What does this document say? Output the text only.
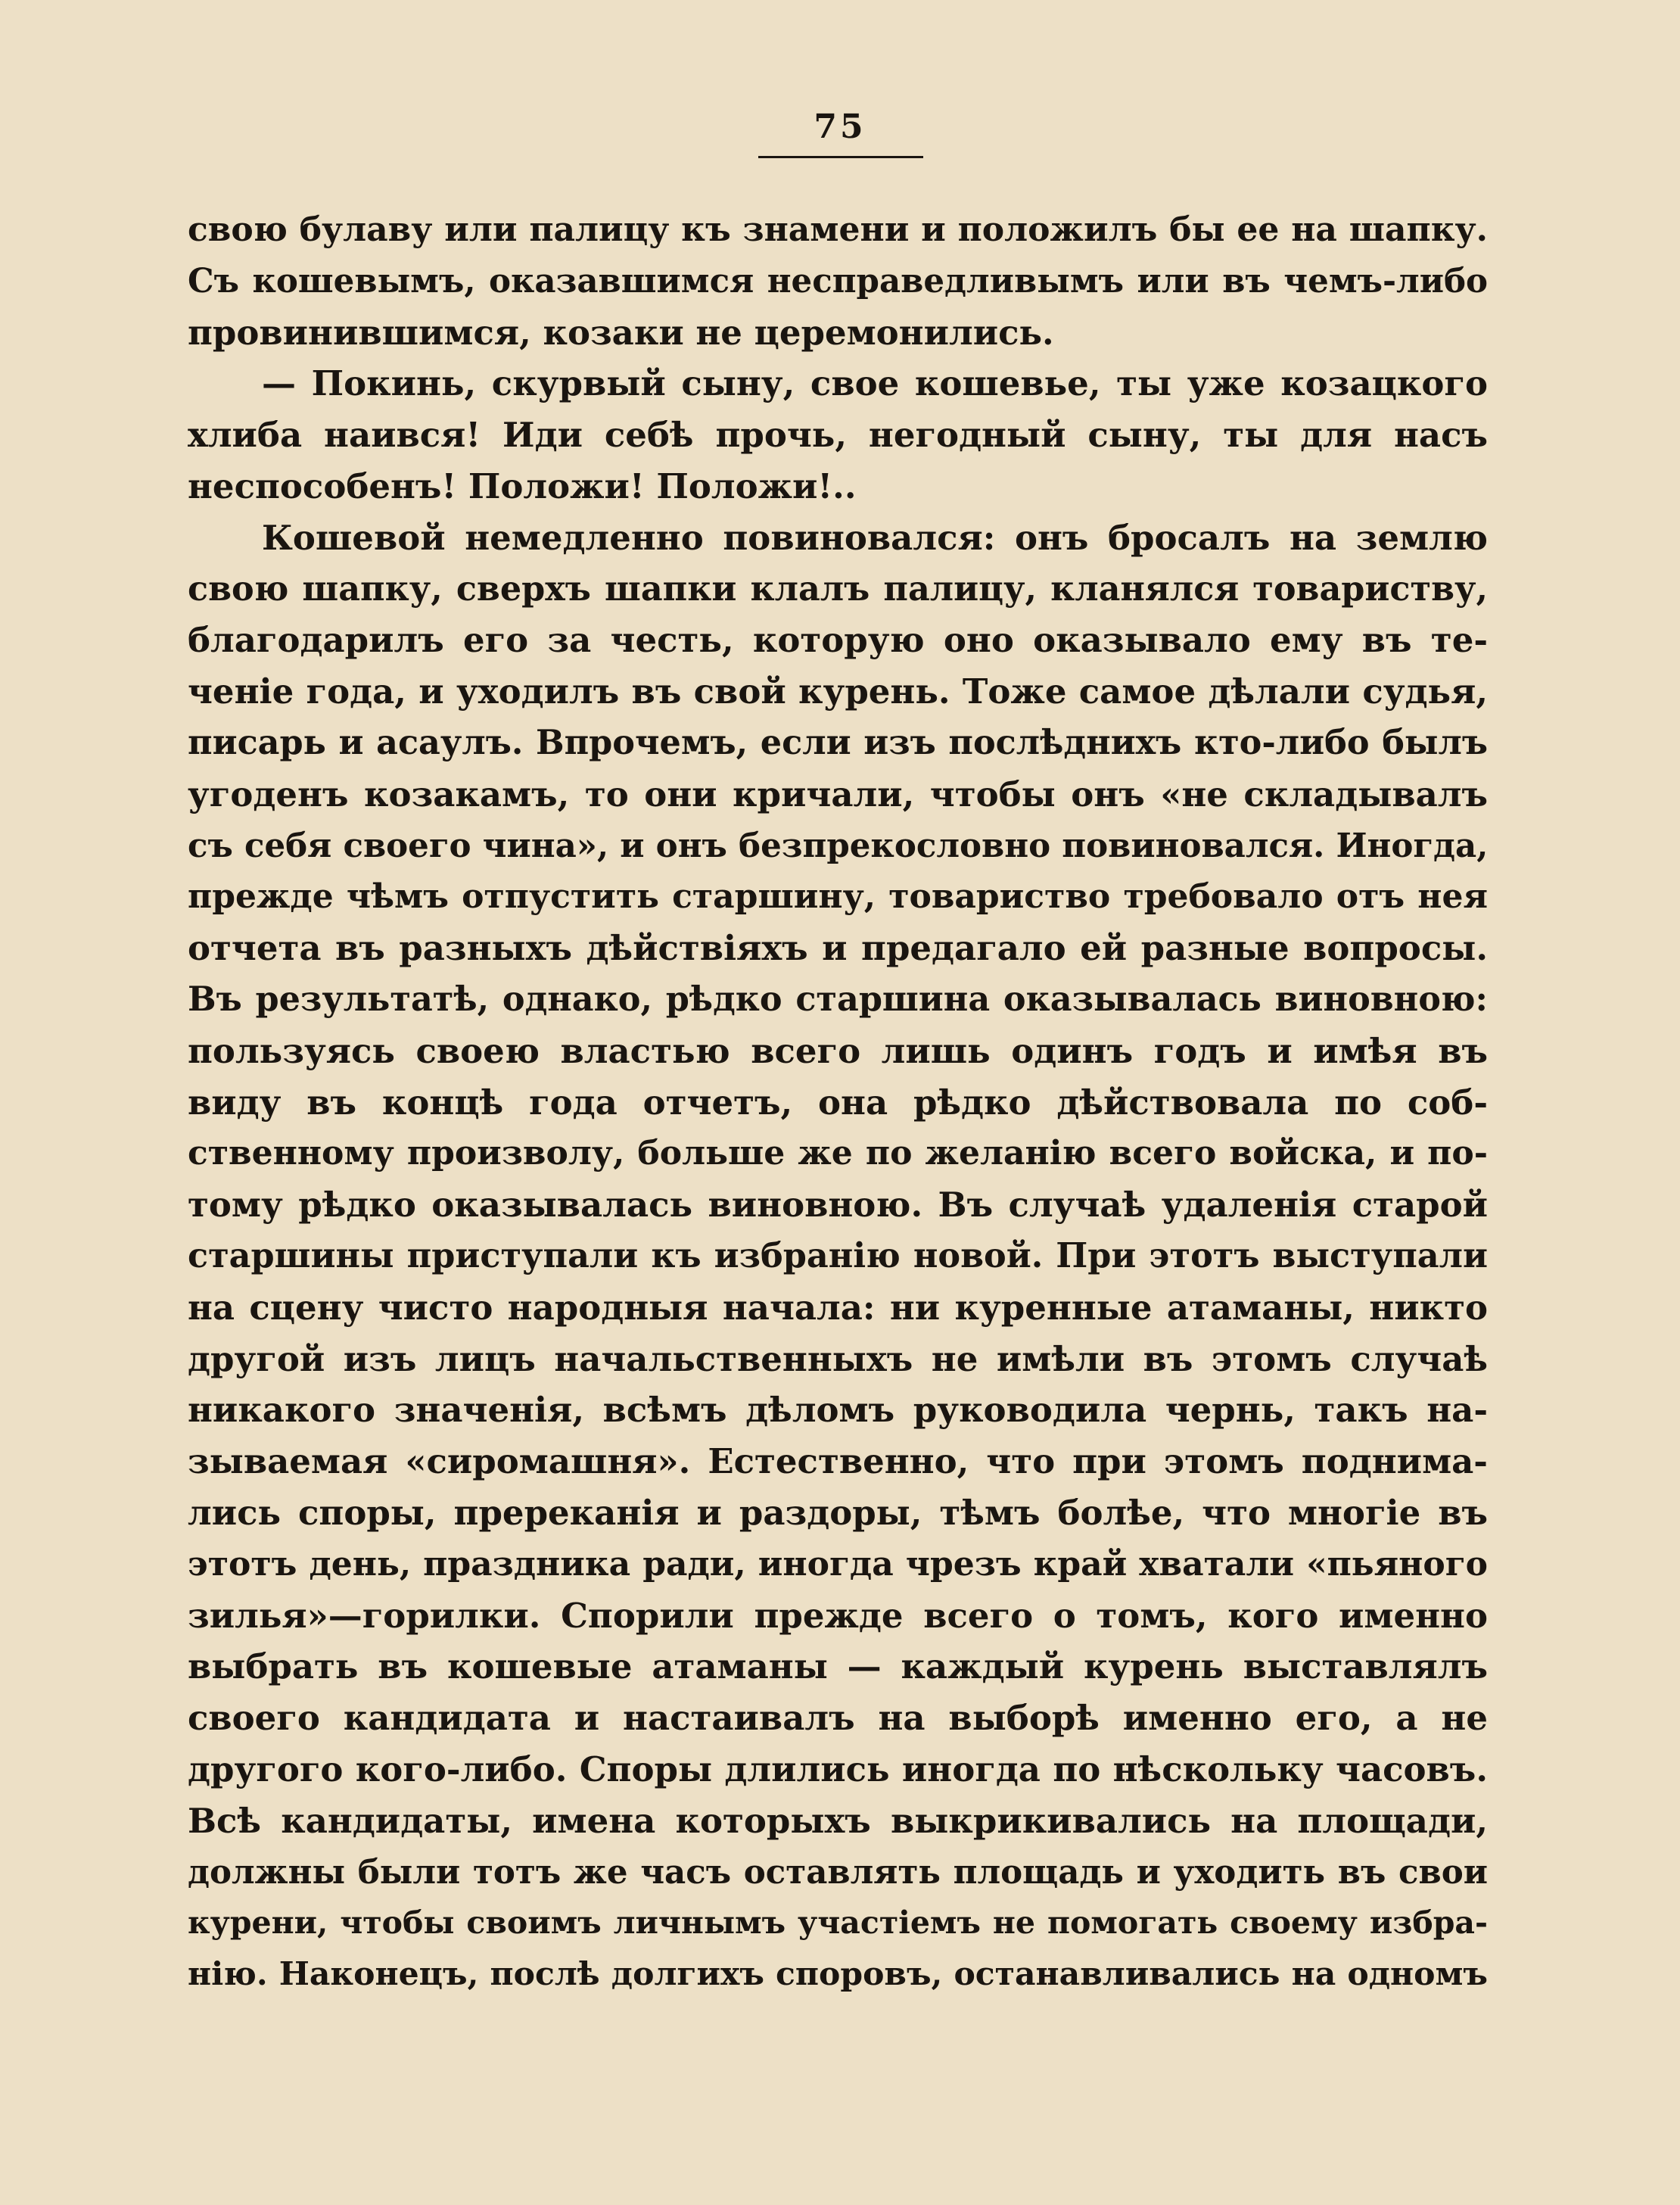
75
свою булаву или палицу къ знамени и положилъ бы ее на шапку.
Съ кошевымъ, оказавшимся несправедливымъ или въ чемъ-либо
провинившимся, козаки не церемонились.
— Покинь, скурвый сыну, свое кошевье, ты уже козацкого
хлиба наився! Иди себѣ прочь, негодный сыну, ты для насъ
неспособенъ! Положи! Положи!..
Кошевой немедленно повиновался: онъ бросалъ на землю
свою шапку, сверхъ шапки клалъ палицу, кланялся товариству,
благодарилъ его за честь, которую оно оказывало ему въ те-
ченіе года, и уходилъ въ свой курень. Тоже самое дѣлали судья,
писарь и асаулъ. Впрочемъ, если изъ послѣднихъ кто-либо былъ
угоденъ козакамъ, то они кричали, чтобы онъ «не складывалъ
съ себя своего чина», и онъ безпрекословно повиновался. Иногда,
прежде чѣмъ отпустить старшину, товариство требовало отъ нея
отчета въ разныхъ дѣйствіяхъ и предагало ей разные вопросы.
Въ результатѣ, однако, рѣдко старшина оказывалась виновною:
пользуясь своею властью всего лишь одинъ годъ и имѣя въ
виду въ концѣ года отчетъ, она рѣдко дѣйствовала по соб-
ственному произволу, больше же по желанію всего войска, и по-
тому рѣдко оказывалась виновною. Въ случаѣ удаленія старой
старшины приступали къ избранію новой. При этотъ выступали
на сцену чисто народныя начала: ни куренные атаманы, никто
другой изъ лицъ начальственныхъ не имѣли въ этомъ случаѣ
никакого значенія, всѣмъ дѣломъ руководила чернь, такъ на-
зываемая «сиромашня». Естественно, что при этомъ поднима-
лись споры, пререканія и раздоры, тѣмъ болѣе, что многіе въ
этотъ день, праздника ради, иногда чрезъ край хватали «пьяного
зилья»—горилки. Спорили прежде всего о томъ, кого именно
выбрать въ кошевые атаманы — каждый курень выставлялъ
своего кандидата и настаивалъ на выборѣ именно его, а не
другого кого-либо. Споры длились иногда по нѣскольку часовъ.
Всѣ кандидаты, имена которыхъ выкрикивались на площади,
должны были тотъ же часъ оставлять площадь и уходить въ свои
курени, чтобы своимъ личнымъ участіемъ не помогать своему избра-
нію. Наконецъ, послѣ долгихъ споровъ, останавливались на одномъ
